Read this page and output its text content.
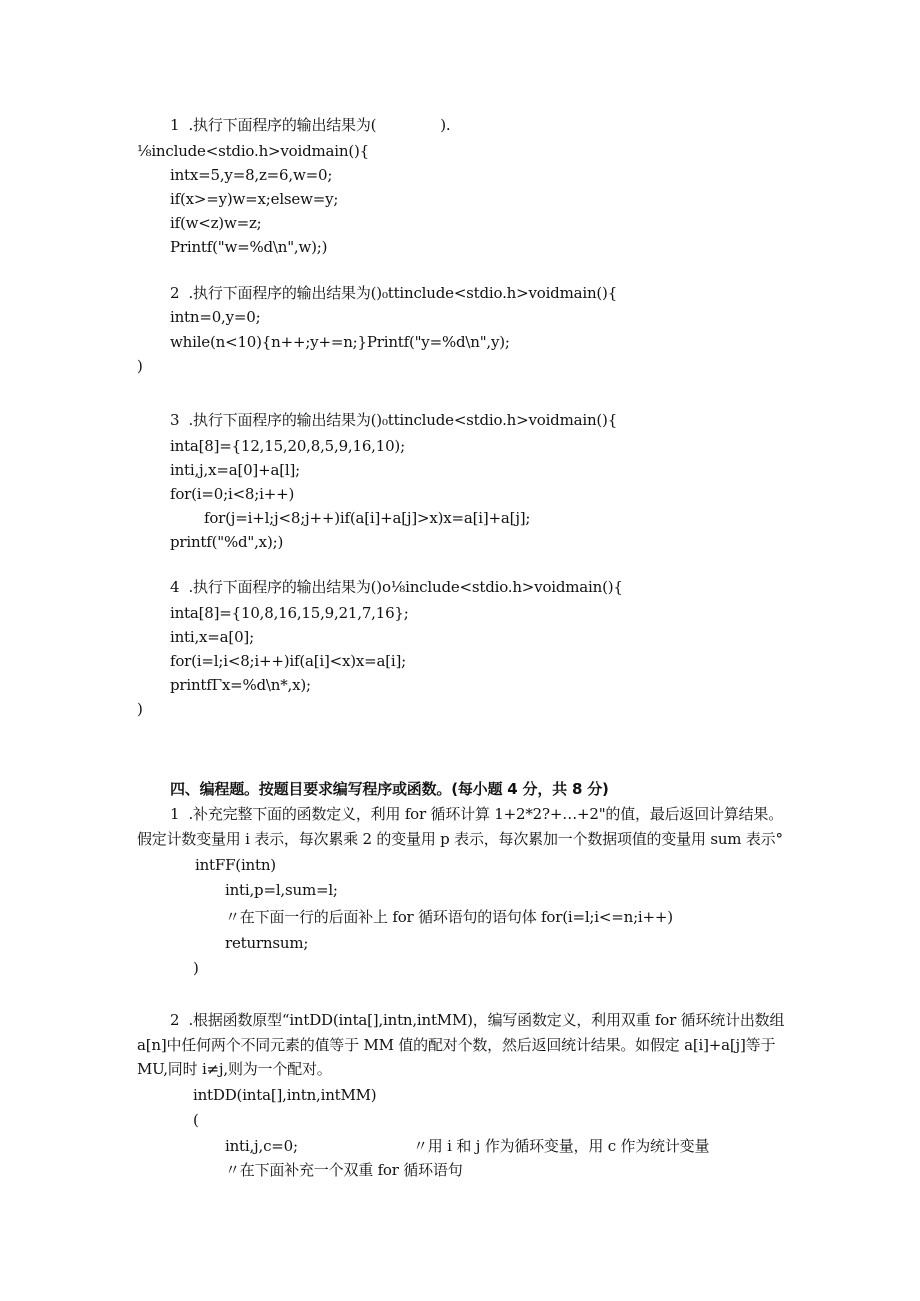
1  .执行下面程序的输出结果为(              ).
⅛include<stdio.h>voidmain(){
intx=5,y=8,z=6,w=0;
if(x>=y)w=x;elsew=y;
if(w<z)w=z;
Printf("w=%d\n",w);)
2  .执行下面程序的输出结果为()₀ttinclude<stdio.h>voidmain(){
intn=0,y=0;
while(n<10){n++;y+=n;}Printf("y=%d\n",y);
)
3  .执行下面程序的输出结果为()₀ttinclude<stdio.h>voidmain(){
inta[8]={12,15,20,8,5,9,16,10);
inti,j,x=a[0]+a[l];
for(i=0;i<8;i++)
for(j=i+l;j<8;j++)if(a[i]+a[j]>x)x=a[i]+a[j];
printf("%d",x);)
4  .执行下面程序的输出结果为()o⅛include<stdio.h>voidmain(){
inta[8]={10,8,16,15,9,21,7,16};
inti,x=a[0];
for(i=l;i<8;i++)if(a[i]<x)x=a[i];
printfΓx=%d\n*,x);
)
四、编程题。按题目要求编写程序或函数。(每小题 4 分，共 8 分)
1  .补充完整下面的函数定义，利用 for 循环计算 1+2*2?+…+2"的值，最后返回计算结果。
假定计数变量用 i 表示，每次累乘 2 的变量用 p 表示，每次累加一个数据项值的变量用 sum 表示°
intFF(intn)
inti,p=l,sum=l;
〃在下面一行的后面补上 for 循环语句的语句体 for(i=l;i<=n;i++)
returnsum;
)
2  .根据函数原型“intDD(inta[],intn,intMM)，编写函数定义，利用双重 for 循环统计出数组
a[n]中任何两个不同元素的值等于 MM 值的配对个数，然后返回统计结果。如假定 a[i]+a[j]等于
MU,同时 i≠j,则为一个配对。
intDD(inta[],intn,intMM)
(
inti,j,c=0;	〃用 i 和 j 作为循环变量，用 c 作为统计变量
〃在下面补充一个双重 for 循环语句
